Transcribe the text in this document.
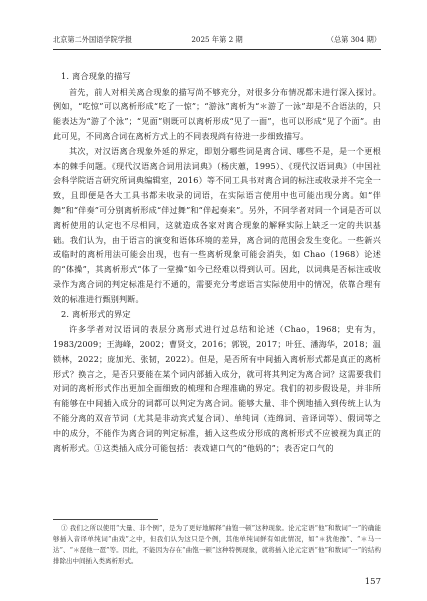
2025 年第 2 期
北京第二外国语学院学报	（总第 304 期）
1. 离合现象的描写

首先，前人对相关离合现象的描写尚不够充分，对很多分布情况都未进行深入探讨。例如，“吃惊”可以离析形成“吃了一惊”；“游泳”离析为“＊游了一泳”却是不合语法的，只能表达为“游了个泳”；“见面”则既可以离析形成“见了一面”，也可以形成“见了个面”。由此可见，不同离合词在离析方式上的不同表现尚有待进一步细致描写。

其次，对汉语离合现象外延的界定，即划分哪些词是离合词、哪些不是，是一个更根本的棘手问题。《现代汉语离合词用法词典》（杨庆蕙，1995）、《现代汉语词典》（中国社会科学院语言研究所词典编辑室，2016）等不同工具书对离合词的标注或收录并不完全一致，且即便是各大工具书都未收录的词语，在实际语言使用中也可能出现分离。如“伴舞”和“伴奏”可分别离析形成“伴过舞”和“伴起奏来”。另外，不同学者对同一个词是否可以离析使用的认定也不尽相同，这就造成各家对离合现象的解释实际上缺乏一定的共识基础。我们认为，由于语言的演变和语体环境的差异，离合词的范围会发生变化。一些新兴或临时的离析用法可能会出现，也有一些离析现象可能会消失，如 Chao（1968）论述的“体操”，其离析形式“体了一堂操”如今已经难以得到认可。因此，以词典是否标注或收录作为离合词的判定标准是行不通的，需要充分考虑语言实际使用中的情况，依靠合理有效的标准进行甄别判断。

2. 离析形式的界定

许多学者对汉语词的表层分离形式进行过总结和论述（Chao，1968；史有为，1983/2009；王海峰，2002；曹贤文，2016；郭锐，2017；叶狂、潘海华，2018；温锁林，2022；庞加光、张韧，2022）。但是，是否所有中间插入离析形式都是真正的离析形式？换言之，是否只要能在某个词内部插入成分，就可将其判定为离合词？这需要我们对词的离析形式作出更加全面细致的梳理和合理准确的界定。我们的初步假设是，并非所有能够在中间插入成分的词都可以判定为离合词。能够大量、非个例地插入到传统上认为不能分离的双音节词（尤其是非动宾式复合词）、单纯词（连绵词、音译词等）、假词等之中的成分，不能作为离合词的判定标准，插入这些成分形成的离析形式不应被视为真正的离析形式。①这类插入成分可能包括：表戏谑口气的“他妈的”；表否定口气的

① 我们之所以使用“大量、非个例”，是为了更好地解释“曲饱一顿”这种现象。论元定语“他”和数词“一”的确能够插入音译单纯词“曲戏”之中，但我们认为这只是个例，其他单纯词鲜有如此情况，如“＊犹他豫”、“＊马一达”、“＊琵他一琶”等。因此，不能因为存在“曲饱一顿”这种特例现象，就将插入论元定语“他”和数词“一”的结构排除出中间插入类离析形式。

157
